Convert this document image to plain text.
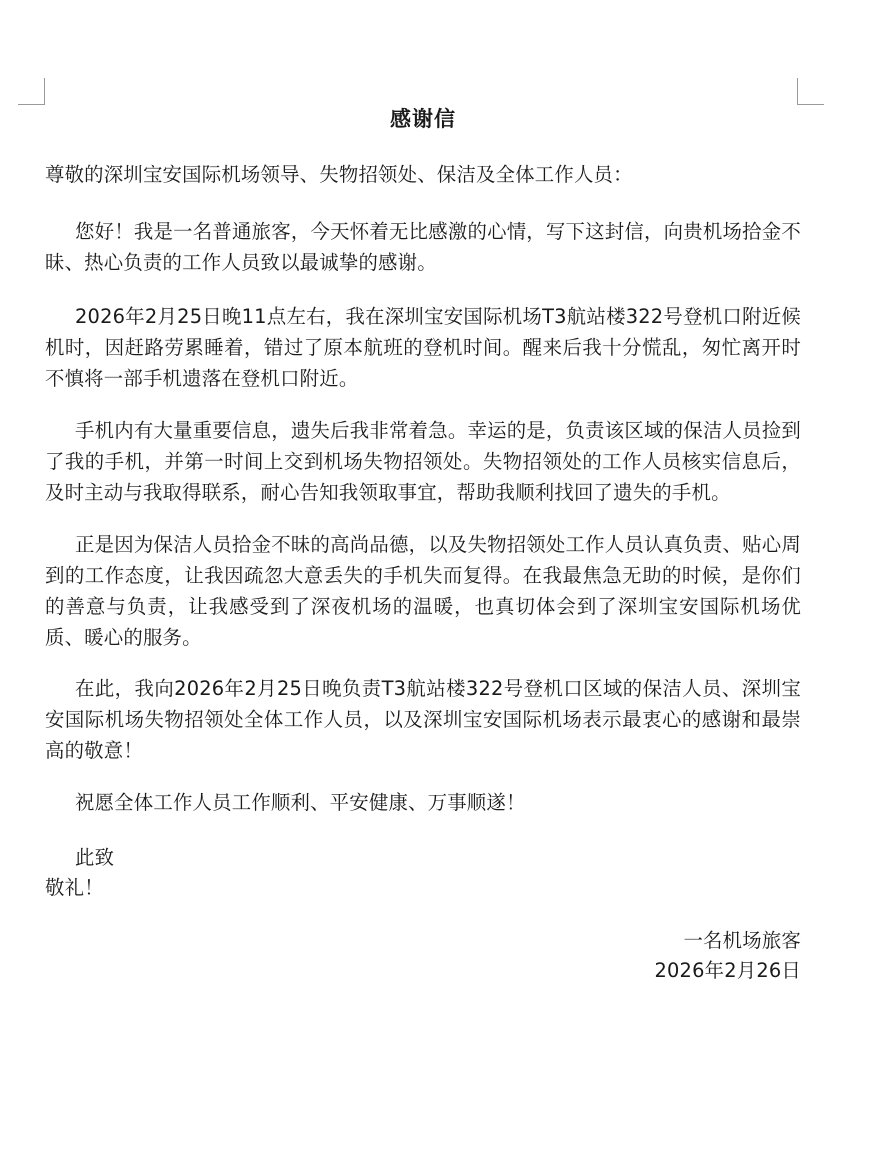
感谢信
尊敬的深圳宝安国际机场领导、失物招领处、保洁及全体工作人员：

您好！我是一名普通旅客，今天怀着无比感激的心情，写下这封信，向贵机场拾金不昧、热心负责的工作人员致以最诚挚的感谢。

2026年2月25日晚11点左右，我在深圳宝安国际机场T3航站楼322号登机口附近候机时，因赶路劳累睡着，错过了原本航班的登机时间。醒来后我十分慌乱，匆忙离开时不慎将一部手机遗落在登机口附近。

手机内有大量重要信息，遗失后我非常着急。幸运的是，负责该区域的保洁人员捡到了我的手机，并第一时间上交到机场失物招领处。失物招领处的工作人员核实信息后，及时主动与我取得联系，耐心告知我领取事宜，帮助我顺利找回了遗失的手机。

正是因为保洁人员拾金不昧的高尚品德，以及失物招领处工作人员认真负责、贴心周到的工作态度，让我因疏忽大意丢失的手机失而复得。在我最焦急无助的时候，是你们的善意与负责，让我感受到了深夜机场的温暖，也真切体会到了深圳宝安国际机场优质、暖心的服务。

在此，我向2026年2月25日晚负责T3航站楼322号登机口区域的保洁人员、深圳宝安国际机场失物招领处全体工作人员，以及深圳宝安国际机场表示最衷心的感谢和最崇高的敬意！

祝愿全体工作人员工作顺利、平安健康、万事顺遂！

此致
敬礼！
一名机场旅客
2026年2月26日
